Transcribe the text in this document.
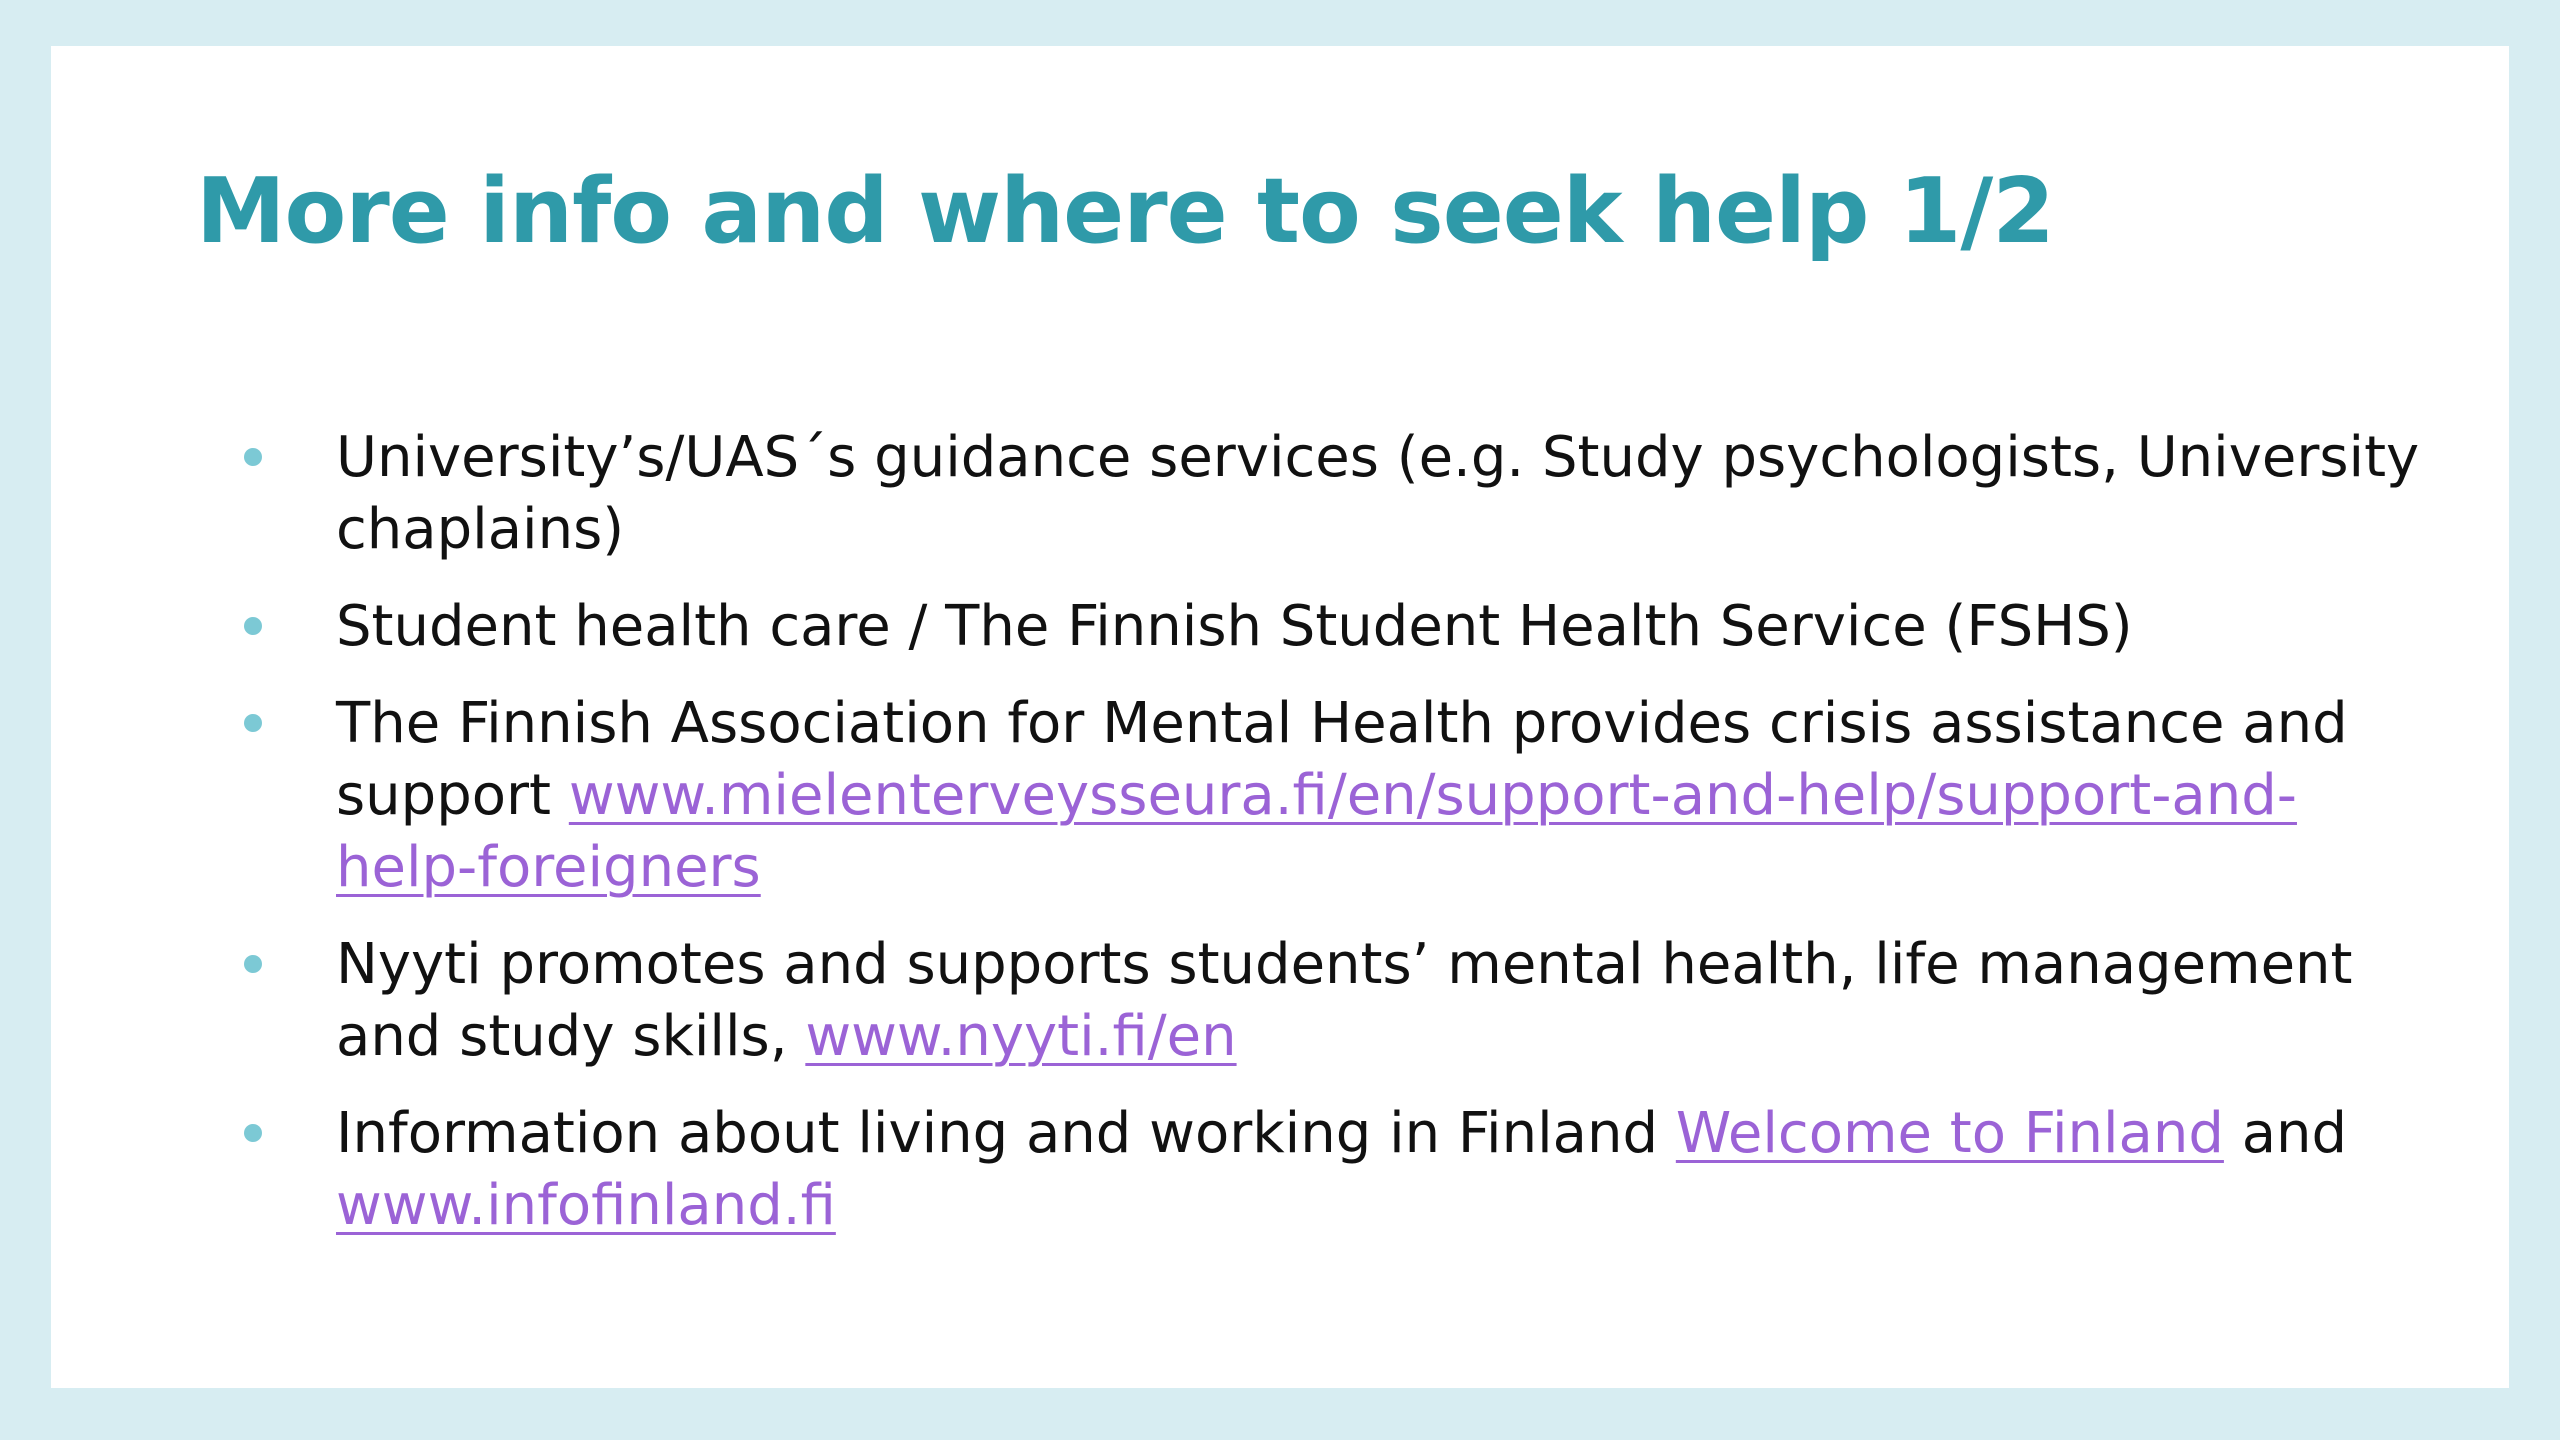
More info and where to seek help 1/2
University’s/UAS´s guidance services (e.g. Study psychologists, University chaplains)
Student health care / The Finnish Student Health Service (FSHS)
The Finnish Association for Mental Health provides crisis assistance and support www.mielenterveysseura.fi/en/support-and-help/support-and-help-foreigners
Nyyti promotes and supports students’ mental health, life management and study skills, www.nyyti.fi/en
Information about living and working in Finland Welcome to Finland and www.infofinland.fi
